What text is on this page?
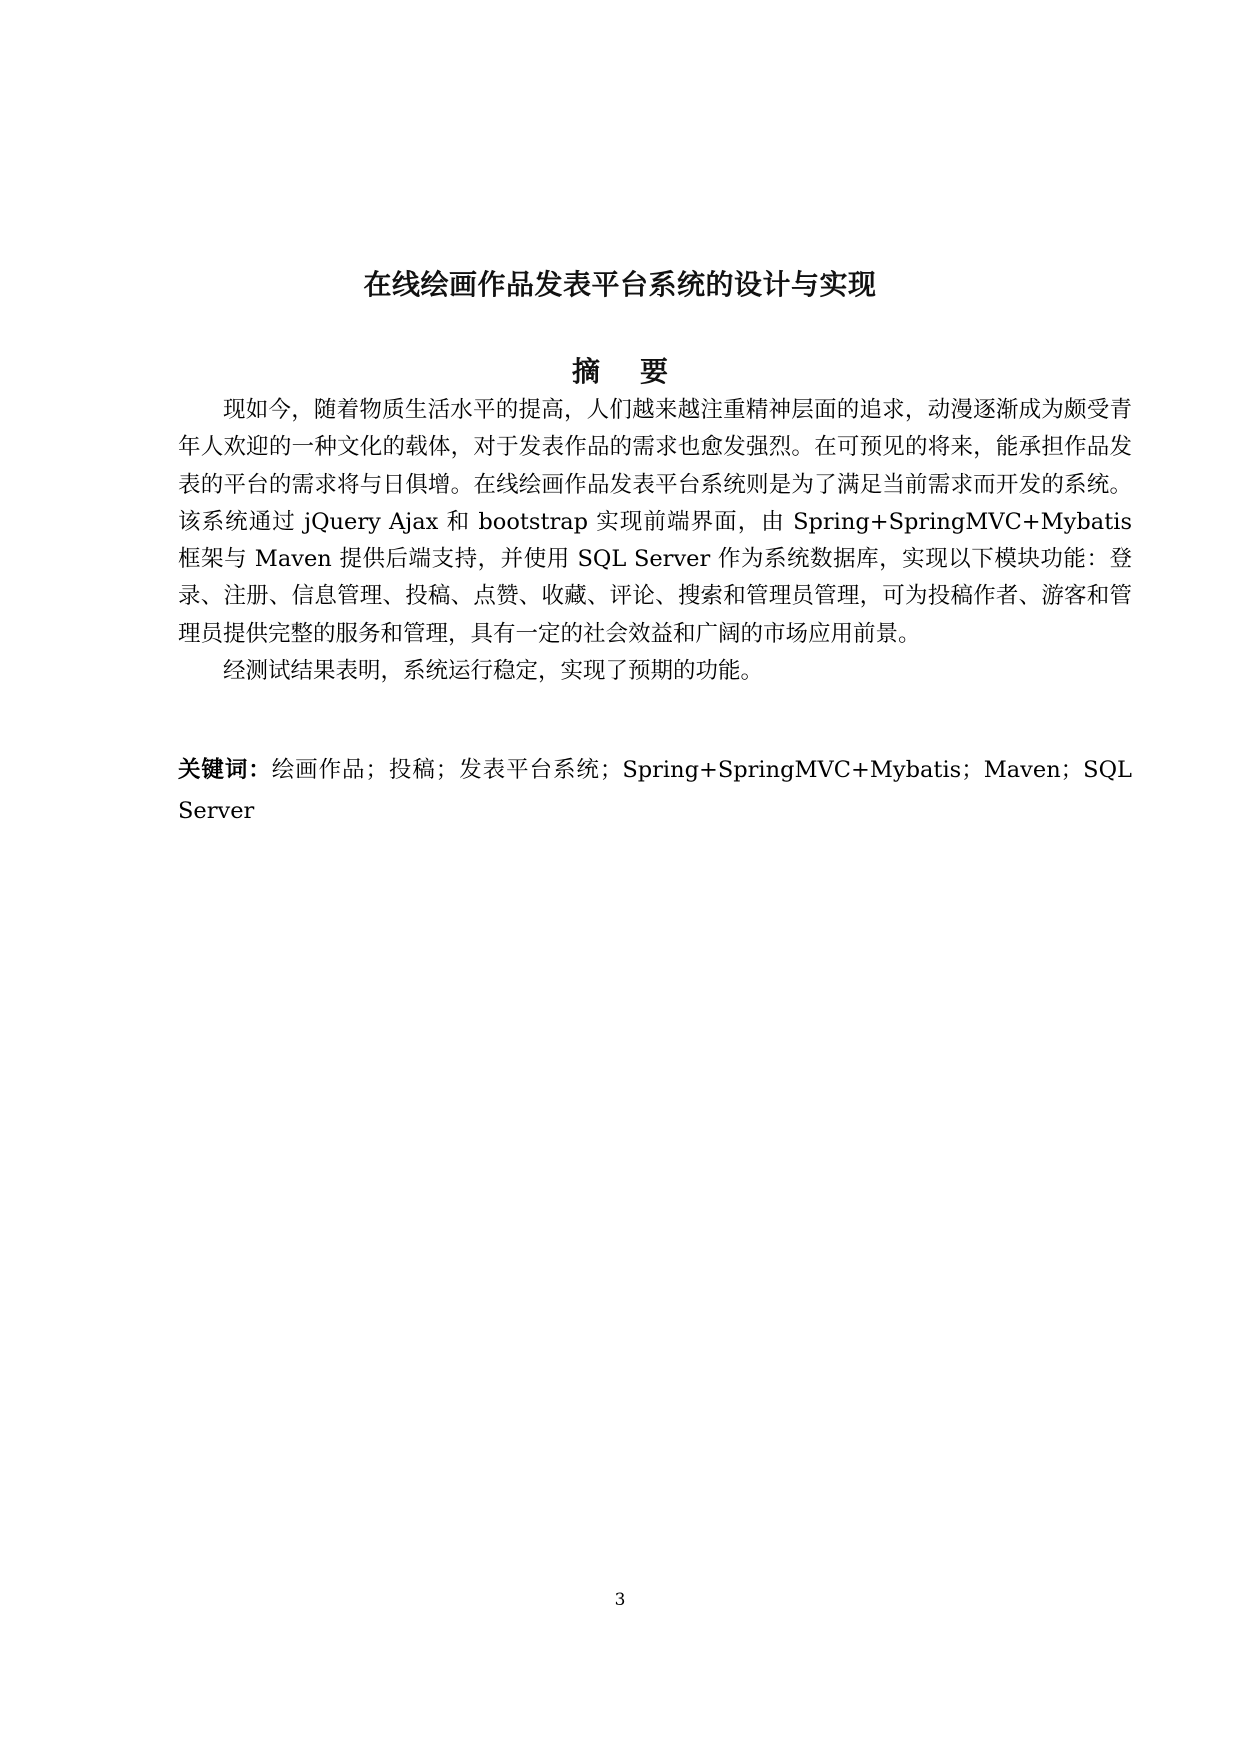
在线绘画作品发表平台系统的设计与实现
摘 要

现如今，随着物质生活水平的提高，人们越来越注重精神层面的追求，动漫逐渐成为颇受青年人欢迎的一种文化的载体，对于发表作品的需求也愈发强烈。在可预见的将来，能承担作品发表的平台的需求将与日俱增。在线绘画作品发表平台系统则是为了满足当前需求而开发的系统。该系统通过 jQuery Ajax 和 bootstrap 实现前端界面，由 Spring+SpringMVC+Mybatis 框架与 Maven 提供后端支持，并使用 SQL Server 作为系统数据库，实现以下模块功能：登录、注册、信息管理、投稿、点赞、收藏、评论、搜索和管理员管理，可为投稿作者、游客和管理员提供完整的服务和管理，具有一定的社会效益和广阔的市场应用前景。

经测试结果表明，系统运行稳定，实现了预期的功能。

关键词：绘画作品；投稿；发表平台系统；Spring+SpringMVC+Mybatis；Maven；SQL Server
3
